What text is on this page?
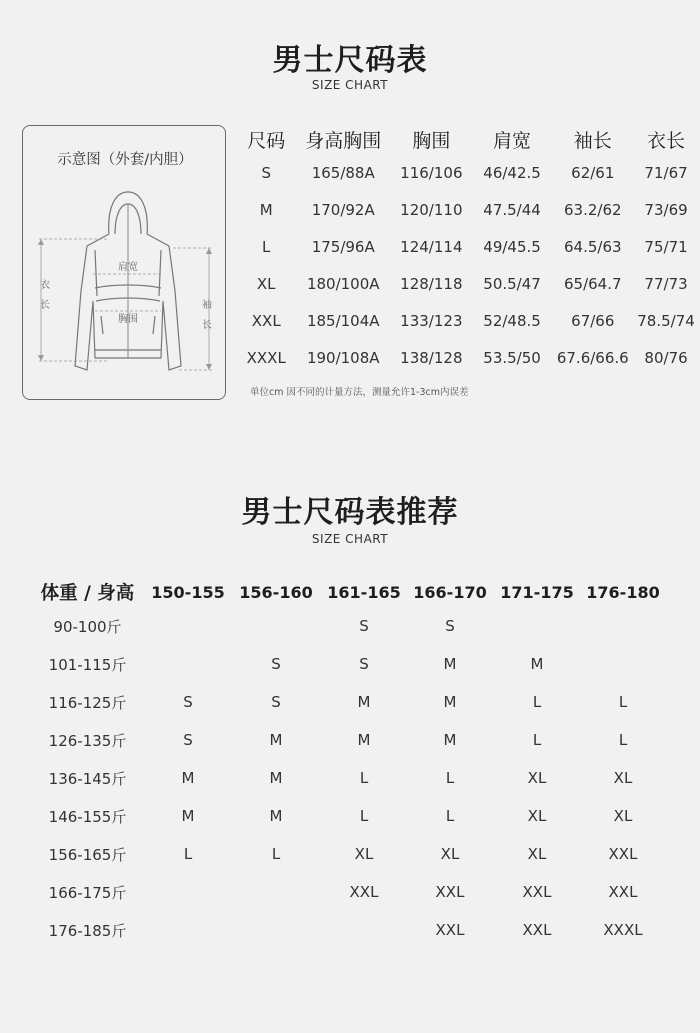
男士尺码表
SIZE CHART
示意图（外套/内胆）
肩宽
胸围
衣
长	袖
长
尺码	身高胸围	胸围	肩宽	袖长	衣长
S	165/88A	116/106	46/42.5	62/61	71/67
M	170/92A	120/110	47.5/44	63.2/62	73/69
L	175/96A	124/114	49/45.5	64.5/63	75/71
XL	180/100A	128/118	50.5/47	65/64.7	77/73
XXL	185/104A	133/123	52/48.5	67/66	78.5/74
XXXL	190/108A	138/128	53.5/50	67.6/66.6	80/76
单位cm 因不同的计量方法，测量允许1-3cm内误差
男士尺码表推荐
SIZE CHART
体重 / 身高	150-155	156-160	161-165	166-170	171-175	176-180
90-100斤			S	S		
101-115斤		S	S	M	M	
116-125斤	S	S	M	M	L	L
126-135斤	S	M	M	M	L	L
136-145斤	M	M	L	L	XL	XL
146-155斤	M	M	L	L	XL	XL
156-165斤	L	L	XL	XL	XL	XXL
166-175斤			XXL	XXL	XXL	XXL
176-185斤				XXL	XXL	XXXL
